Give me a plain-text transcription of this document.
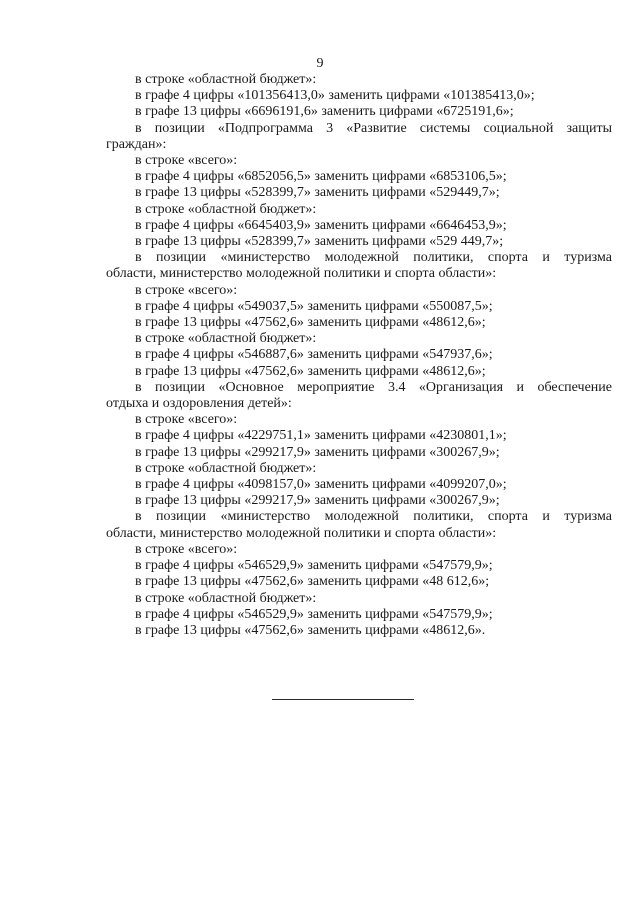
9

в строке «областной бюджет»:

в графе 4 цифры «101356413,0» заменить цифрами «101385413,0»;

в графе 13 цифры «6696191,6» заменить цифрами «6725191,6»;

в позиции «Подпрограмма 3 «Развитие системы социальной защиты

граждан»:

в строке «всего»:

в графе 4 цифры «6852056,5» заменить цифрами «6853106,5»;

в графе 13 цифры «528399,7» заменить цифрами «529449,7»;

в строке «областной бюджет»:

в графе 4 цифры «6645403,9» заменить цифрами «6646453,9»;

в графе 13 цифры «528399,7» заменить цифрами «529 449,7»;

в позиции «министерство молодежной политики, спорта и туризма

области, министерство молодежной политики и спорта области»:

в строке «всего»:

в графе 4 цифры «549037,5» заменить цифрами «550087,5»;

в графе 13 цифры «47562,6» заменить цифрами «48612,6»;

в строке «областной бюджет»:

в графе 4 цифры «546887,6» заменить цифрами «547937,6»;

в графе 13 цифры «47562,6» заменить цифрами «48612,6»;

в позиции «Основное мероприятие 3.4 «Организация и обеспечение

отдыха и оздоровления детей»:

в строке «всего»:

в графе 4 цифры «4229751,1» заменить цифрами «4230801,1»;

в графе 13 цифры «299217,9» заменить цифрами «300267,9»;

в строке «областной бюджет»:

в графе 4 цифры «4098157,0» заменить цифрами «4099207,0»;

в графе 13 цифры «299217,9» заменить цифрами «300267,9»;

в позиции «министерство молодежной политики, спорта и туризма

области, министерство молодежной политики и спорта области»:

в строке «всего»:

в графе 4 цифры «546529,9» заменить цифрами «547579,9»;

в графе 13 цифры «47562,6» заменить цифрами «48 612,6»;

в строке «областной бюджет»:

в графе 4 цифры «546529,9» заменить цифрами «547579,9»;

в графе 13 цифры «47562,6» заменить цифрами «48612,6».
